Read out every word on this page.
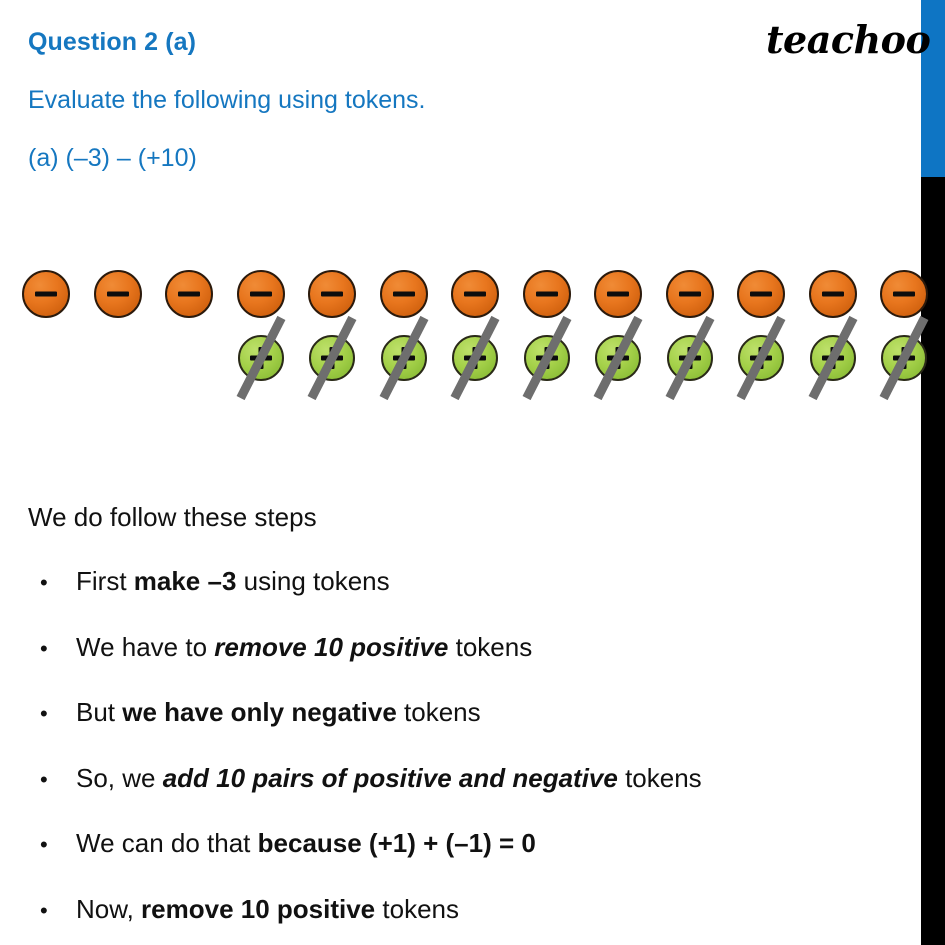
Question 2 (a)
Evaluate the following using tokens.
(a) (–3) – (+10)
teachoo
We do follow these steps
•	First make –3 using tokens
•	We have to remove 10 positive tokens
•	But we have only negative tokens
•	So, we add 10 pairs of positive and negative tokens
•	We can do that because (+1) + (–1) = 0
•	Now, remove 10 positive tokens
